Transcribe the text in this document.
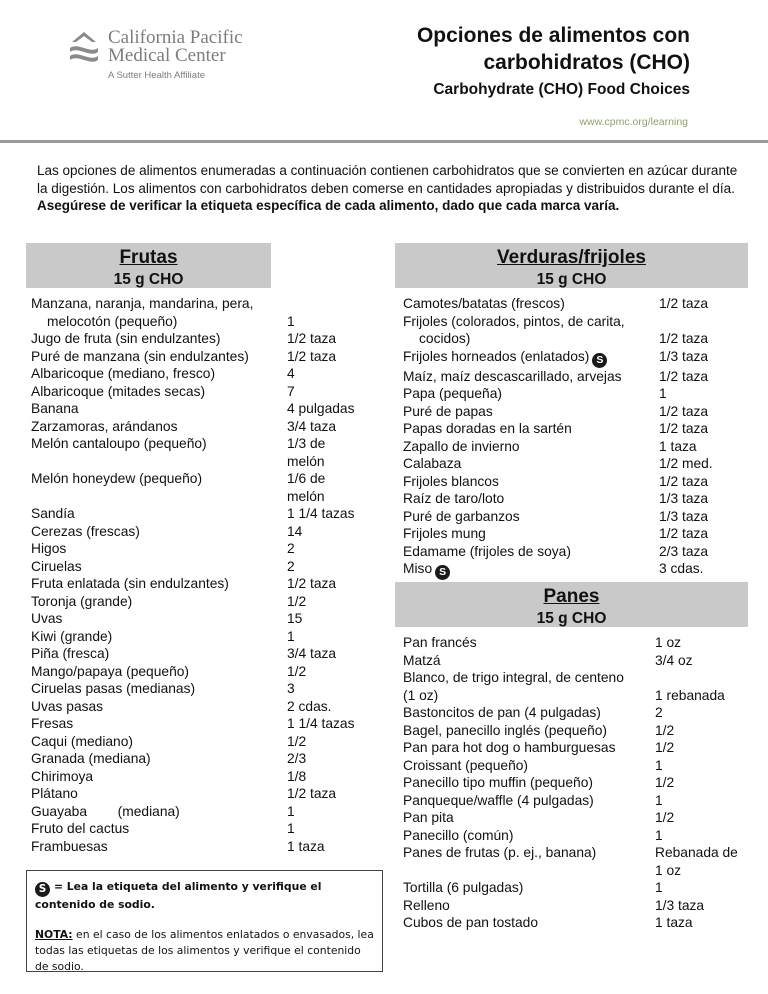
California Pacific
Medical Center
A Sutter Health Affiliate
Opciones de alimentos con
carbohidratos (CHO)
Carbohydrate (CHO) Food Choices
www.cpmc.org/learning
Las opciones de alimentos enumeradas a continuación contienen carbohidratos que se convierten en azúcar durante la digestión. Los alimentos con carbohidratos deben comerse en cantidades apropiadas y distribuidos durante el día. Asegúrese de verificar la etiqueta específica de cada alimento, dado que cada marca varía.
Frutas
15 g CHO
Verduras/frijoles
15 g CHO
Panes
15 g CHO
Manzana, naranja, mandarina, pera,
melocotón (pequeño)	1
Jugo de fruta (sin endulzantes)	1/2 taza
Puré de manzana (sin endulzantes)	1/2 taza
Albaricoque (mediano, fresco)	4
Albaricoque (mitades secas)	7
Banana	4 pulgadas
Zarzamoras, arándanos	3/4 taza
Melón cantaloupo (pequeño)	1/3 de
melón
Melón honeydew (pequeño)	1/6 de
melón
Sandía	1 1/4 tazas
Cerezas (frescas)	14
Higos	2
Ciruelas	2
Fruta enlatada (sin endulzantes)	1/2 taza
Toronja (grande)	1/2
Uvas	15
Kiwi (grande)	1
Piña (fresca)	3/4 taza
Mango/papaya (pequeño)	1/2
Ciruelas pasas (medianas)	3
Uvas pasas	2 cdas.
Fresas	1 1/4 tazas
Caqui (mediano)	1/2
Granada (mediana)	2/3
Chirimoya	1/8
Plátano	1/2 taza
Guayaba        (mediana)	1
Fruto del cactus	1
Frambuesas	1 taza
Camotes/batatas (frescos)	1/2 taza
Frijoles (colorados, pintos, de carita,
cocidos)	1/2 taza
Frijoles horneados (enlatados) S	1/3 taza
Maíz, maíz descascarillado, arvejas	1/2 taza
Papa (pequeña)	1
Puré de papas	1/2 taza
Papas doradas en la sartén	1/2 taza
Zapallo de invierno	1 taza
Calabaza	1/2 med.
Frijoles blancos	1/2 taza
Raíz de taro/loto	1/3 taza
Puré de garbanzos	1/3 taza
Frijoles mung	1/2 taza
Edamame (frijoles de soya)	2/3 taza
Miso S	3 cdas.
Pan francés	1 oz
Matzá	3/4 oz
Blanco, de trigo integral, de centeno
(1 oz)	1 rebanada
Bastoncitos de pan (4 pulgadas)	2
Bagel, panecillo inglés (pequeño)	1/2
Pan para hot dog o hamburguesas	1/2
Croissant (pequeño)	1
Panecillo tipo muffin (pequeño)	1/2
Panqueque/waffle (4 pulgadas)	1
Pan pita	1/2
Panecillo (común)	1
Panes de frutas (p. ej., banana)	Rebanada de
1 oz
Tortilla (6 pulgadas)	1
Relleno	1/3 taza
Cubos de pan tostado	1 taza
S = Lea la etiqueta del alimento y verifique el contenido de sodio.
NOTA: en el caso de los alimentos enlatados o envasados, lea todas las etiquetas de los alimentos y verifique el contenido de sodio.
